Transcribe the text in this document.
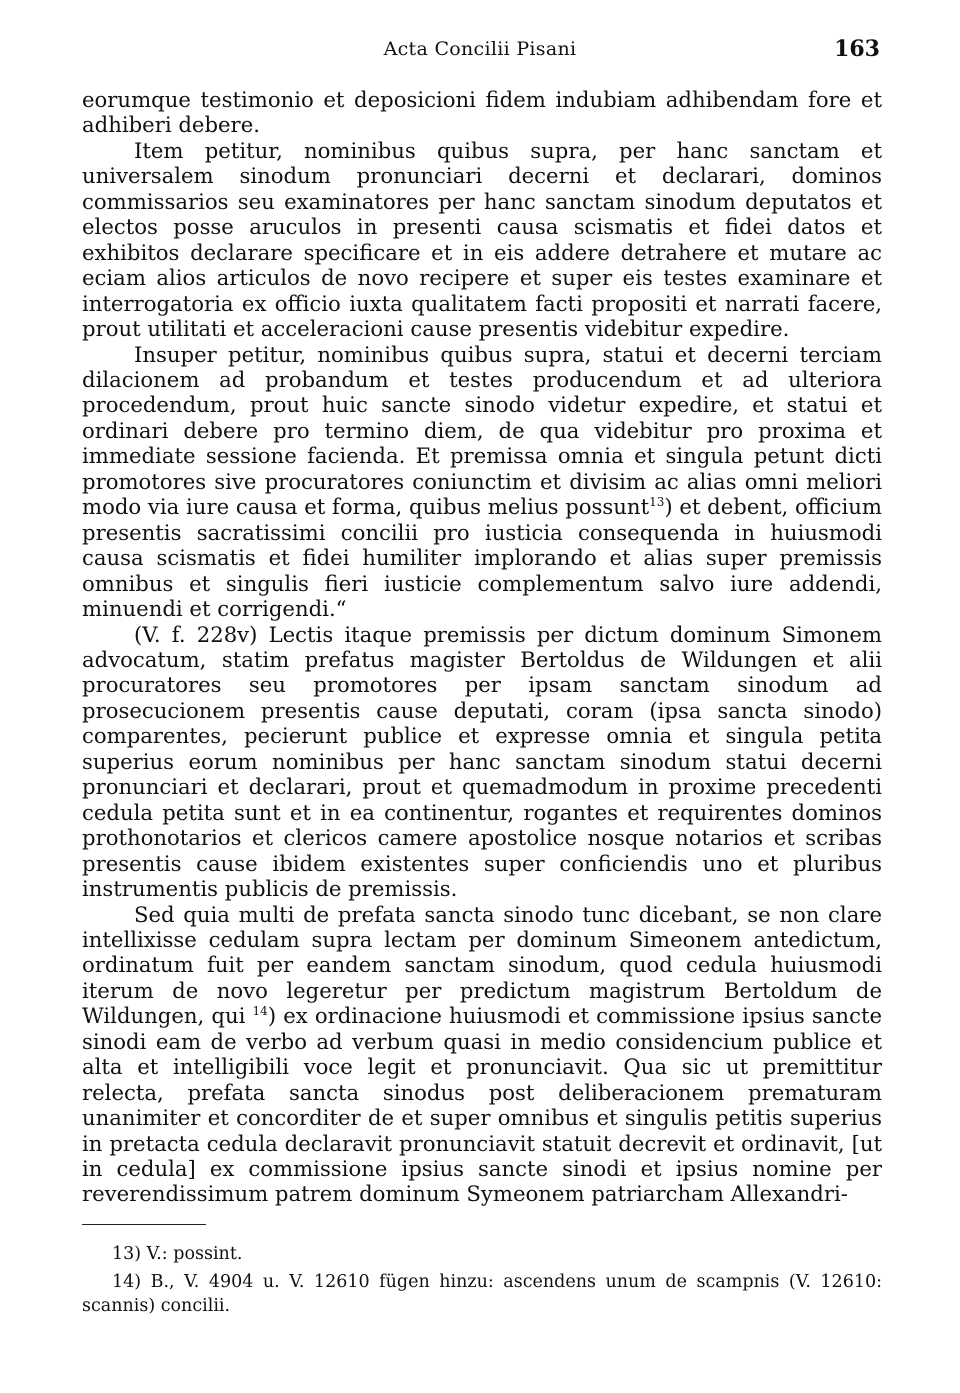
Acta Concilii Pisani	163

eorumque testimonio et deposicioni fidem indubiam adhibendam fore et adhiberi debere.

Item petitur, nominibus quibus supra, per hanc sanctam et universalem sinodum pronunciari decerni et declarari, dominos commissarios seu examinatores per hanc sanctam sinodum deputatos et electos posse aruculos in presenti causa scismatis et fidei datos et exhibitos declarare specificare et in eis addere detrahere et mutare ac eciam alios articulos de novo recipere et super eis testes examinare et interrogatoria ex officio iuxta qualitatem facti propositi et narrati facere, prout utilitati et acceleracioni cause presentis videbitur expedire.

Insuper petitur, nominibus quibus supra, statui et decerni terciam dilacionem ad probandum et testes producendum et ad ulteriora procedendum, prout huic sancte sinodo videtur expedire, et statui et ordinari debere pro termino diem, de qua videbitur pro proxima et immediate sessione facienda. Et premissa omnia et singula petunt dicti promotores sive procuratores coniunctim et divisim ac alias omni meliori modo via iure causa et forma, quibus melius possunt$^{13}$) et debent, officium presentis sacratissimi concilii pro iusticia consequenda in huiusmodi causa scismatis et fidei humiliter implorando et alias super premissis omnibus et singulis fieri iusticie complementum salvo iure addendi, minuendi et corrigendi.“

(V. f. 228v) Lectis itaque premissis per dictum dominum Simonem advocatum, statim prefatus magister Bertoldus de Wildungen et alii procuratores seu promotores per ipsam sanctam sinodum ad prosecucionem presentis cause deputati, coram (ipsa sancta sinodo) comparentes, pecierunt publice et expresse omnia et singula petita superius eorum nominibus per hanc sanctam sinodum statui decerni pronunciari et declarari, prout et quemadmodum in proxime precedenti cedula petita sunt et in ea continentur, rogantes et requirentes dominos prothonotarios et clericos camere apostolice nosque notarios et scribas presentis cause ibidem existentes super conficiendis uno et pluribus instrumentis publicis de premissis.

Sed quia multi de prefata sancta sinodo tunc dicebant, se non clare intellixisse cedulam supra lectam per dominum Simeonem antedictum, ordinatum fuit per eandem sanctam sinodum, quod cedula huiusmodi iterum de novo legeretur per predictum magistrum Bertoldum de Wildungen, qui $^{14}$) ex ordinacione huiusmodi et commissione ipsius sancte sinodi eam de verbo ad verbum quasi in medio considencium publice et alta et intelligibili voce legit et pronunciavit. Qua sic ut premittitur relecta, prefata sancta sinodus post deliberacionem prematuram unanimiter et concorditer de et super omnibus et singulis petitis superius in pretacta cedula declaravit pronunciavit statuit decrevit et ordinavit, [ut in cedula] ex commissione ipsius sancte sinodi et ipsius nomine per reverendissimum patrem dominum Symeonem patriarcham Allexandri-

13) V.: possint.

14) B., V. 4904 u. V. 12610 fügen hinzu: ascendens unum de scampnis (V. 12610: scannis) concilii.
